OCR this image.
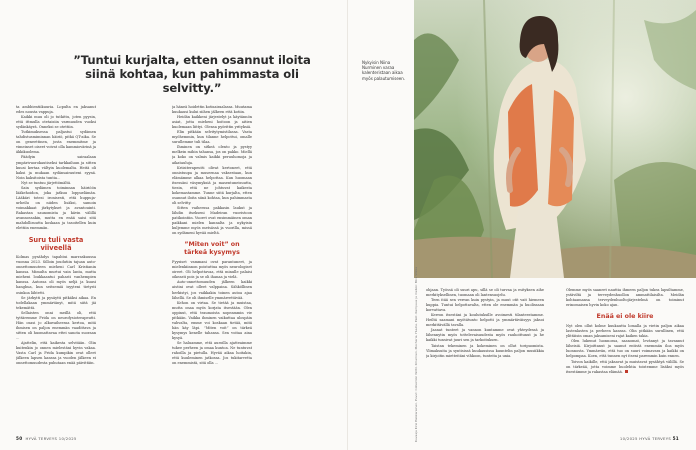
”Tuntui kurjalta, etten osannut iloita siinä kohtaa, kun pahimmasta oli selvitty.”

ta ambbientiikuuria. Lopulta en jaksanut edes nousta vappuja.

Kaikki muu oli jo tutkittu, joten pyysin, että ittmulla otetaisiin varmuuden vuoksi sydänkäyrä. Onneksi se otettiin.

Tutkimuksessa paljastui sydämen tahdistusmiminnan häiriö, pitkä QT-aika. Se on geneettinen, josta enemmitme ja vimeinset oiseet voivat olla kammiovärinä ja äkkikuolema.

Päädyin sairaalaan ympärivuorokautiseksi tarkkailuun ja sitten kuusi kertaa vältyin kuolemalta. Heitä oli kaksi ja mukaan sydänsairauteni syynä. Noin kaksitoista tuntia...

Nyt se tuntuu järjettömältä.

Sain sydämen toiminnan häiriöön lääkehoidon, joka jatkuu loppuelämän. Lääkäri totesi ironisesti, että huppuja- urheilu on niiden lisäksi, samoin voimakkaat järkytykset ja avantouinti. Rakastan saunomista ja kävin välillä avannossakin, mutta en enää saisi sitä mahdollisuutta koskaan ja tasoitellen kuin elettiin enemmän.

Suru tuli vasta viiveellä

Kolmas pysähdys tapahtui marraskuussa vuonna 2023. Silloin joudutiin tajuan auto-onnettomuuteen mieheni Carl Kristianin kanssa. Mimulta murtui vain lanta, mutta mieheni loukkaantui pahasti vanhempien kanssa. Autossa oli myös neljä ja kuusi hanghua, kun seitsemiä isyyteni tietysti osinkoa lähtetti.

Se järkytti ja pysäytti pitkäksi aikaa. En todellakaan ymmärtänyt, mitä siitä jäi tekemättä.

Sellaisten onni meillä oli, että tyttäremme Frida on neurofysioterapeutti. Hän osasi jo alkuvaiheessa kertoa, mitä ihmisen on paljon enemmän vaadittava ja sitten oli huomattavaa ettei sanota suoraan ...

Ajattelin, että kaikesta selvitään. Olin kuitenkin jo onnen mielestäni hyvin vakaa. Vasta Carl ja Frida kumpikin ovat olleet jälkeen lapsen kanssa ja vuoden jälkeen ei onnettomuudesta puhutaan enää päivittäin.

ja häneä hoidettin kotisairaalassa. Muutama kuukausi kului siihen jälkeen että kotiin.

Heidän kaikkeni järjestelyt ja käytännön asiat, jotta mieheni hoitoon ja aitien kuolemaan liittyi. Olensa pyörittin yrityksiä.

Elin pitkään selvitytymistilassa. Vasta myöhemmin, kun tilanne helpottui, omalle surullemme tuli tilaa.

Ihminen on sitkeä olento ja pystyy melkein mihin tahansa, jos on pakko. Miellä ja koko on valmis kaikki peruuhomoja ja aikatauluja.

Kriisiterapeutti olivat kertoneet, että onnistuupa ja museenaa vaksestaan, kun elämämme alkaa helpottaa. Kun huomaan itsessäni väsymyksiä ja masentuneisuutta, tiesin, että ne johtuvat kaikesta kokemastamme. Tunne siitä kurjalta, etten osannut iloita siinä kohtaa, kun pahimmasta oli selvitty.

Sitten vaiheessa pakkasin laukut ja lähdin itsekseni Madeiran vuoristoon patikointiin. Vuoret ovat ensimmäinen oman paikkani mielen kannalta ja nykyisin kuljemme myös metsässä ja vuorilla, missä on sydämeni hyvää mieltä.

”Miten voit” on tärkeä kysymys

Fyysiset vammani ovat parantuneet, ja mielenkiinnon poistuttua myös neurologiset oireet. Oli helpottavaa, että minulle palaisi oikeasti pois ja se oli ihanaa ja vielä.

Auto-onnettomuuden jälkeen kaikki aistini ovat olleet valppaina. Sähköllinen herkistyi, jos vaikkakin toinen autoa ajaa lähellä. Se oli ihmiselle ymmärrettävää.

Kehon on virtaa. Se tietää ja muistaa, mutta onaa myös korjata itsestään. Olen oppinut, että traumoista nopeammin vie pitkään. Vaikka ihminen vaikuttaa ulospäin vahvalta, emme voi koskaan tietää, mitä hän käy läpi. ”Miten voit” on tärkeä kysymys kenelle tahansa. Sen voitaa aina kysyä.

Se haluamme, että auroilla ajatteaimme tukee perheen ja omaa kuntoa. Ne tuntuvat rahoilla ja pietulla. Hyvää aikaa hoitakin, että kuuleminen jatkossa. Jos tukitarvetta on enemmistä, sitä olla ...

50 HYVÄ TERVEYS 10/2025
Nykyisin Niina Nurminen varaa kalenteristaan aikaa myös palautumiseen.
Kuvaaja Kirsi Hakkarainen, Puvut: Collection Wiltil, Ilmarinen, Mocherie, Huuhe, Ekot. Kampaus ja meikki: Mira Vilkka ohjaan. Työssä oli suuri apu, sillä se oli turvaa ja esityksen aihe merkityksellinen, tuomaan oli lantensuojelu.

Teen itää sen verran kuin pystyin, ja muut otit vait hiemeen kuppia. Tuntui helpottavalta, etten ole enemmän ja huolissaan korvattava.

Kerron itsestäni ja koulutuksille avoimesti tilanteestamme. Heiltä saamani myötätunto helpotti ja ymmärtäväisyys jaksoi merkittävällä tavalla.

Jaanat tunteet ja vannon kuntamme ovat yhteydessä ja lähennytin myös tottelevaisuudesta myös rauhoittunut ja he kaikki tunsivat juuri sen ja tarkoituksen.

Taistan tekeminen ja kokeminen on ollut toripuomista. Ylimaksuita ja syntisissä kuukausissa kuuntelin paljon musiikkia ja kirjoitin mietteitäni vihkoon, tunteita ja unia.

Olemme myös saaneet nauttia ihmeen paljon tukea lapsiltamme, ystäviltä ja terveydenhuollon ammattilaisilta. Meidän kohtaamansa terveydenhuoltojärjestelmä on toiminut erinomaisen hyvin koko ajan.

Enää ei ole kiire

Nyt olen ollut kolme kuukautta lomalla ja vietin paljon aikaa lastenlasten ja perheen kanssa. Olin pitkään surullinen, että ylittäisin oman jaksamiseni rajat kaiken takia.

Olen lukenut luonnossa, saanomat, levännyt ja tavannut läheisiä. Kirjoittanut ja saanut entistä enemmän iloa myös luonnosta. Ymmärrän, että tuo on suuri voimavara ja kaikki on helpompaa. Koen, että tunnen nyt itseni paremmin kuin ennen.

Toivon kaikille, että jaksavat ja muistavat pysähtyä välillä. Se on tärkeää, jotta voimme huolehtia toistemme lisäksi myös itsestämme ja rakastaa elämää.

10/2025 HYVÄ TERVEYS 51
